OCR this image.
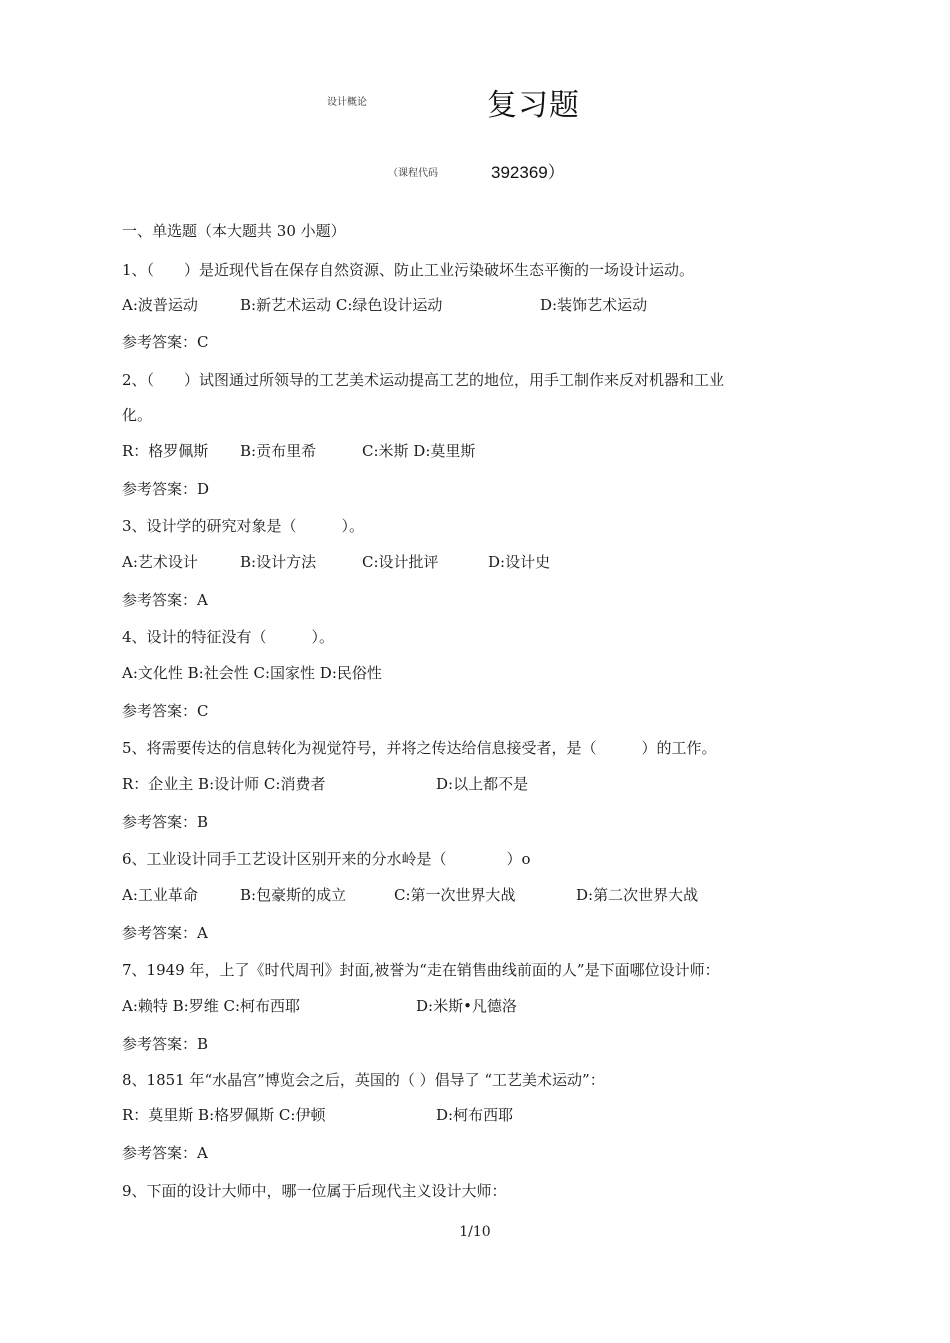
设计概论	复习题
（课程代码	392369）
一、单选题（本大题共 30 小题）
1、（　　）是近现代旨在保存自然资源、防止工业污染破坏生态平衡的一场设计运动。
A:波普运动	B:新艺术运动 C:绿色设计运动	D:装饰艺术运动
参考答案：C
2、（　　）试图通过所领导的工艺美术运动提高工艺的地位，用手工制作来反对机器和工业
化。
R：格罗佩斯 B:贡布里希	C:米斯 D:莫里斯
参考答案：D
3、设计学的研究对象是（　　　）。
A:艺术设计	B:设计方法	C:设计批评	D:设计史
参考答案：A
4、设计的特征没有（　　　）。
A:文化性 B:社会性 C:国家性 D:民俗性
参考答案：C
5、将需要传达的信息转化为视觉符号，并将之传达给信息接受者，是（　　　）的工作。
R：企业主 B:设计师 C:消费者	D:以上都不是
参考答案：B
6、工业设计同手工艺设计区别开来的分水岭是（　　　　）o
A:工业革命	B:包豪斯的成立	C:第一次世界大战	D:第二次世界大战
参考答案：A
7、1949 年，上了《时代周刊》封面,被誉为“走在销售曲线前面的人”是下面哪位设计师：
A:赖特 B:罗维 C:柯布西耶	D:米斯•凡德洛
参考答案：B
8、1851 年“水晶宫”博览会之后，英国的（ ）倡导了 “工艺美术运动”：
R：莫里斯 B:格罗佩斯 C:伊顿	D:柯布西耶
参考答案：A
9、下面的设计大师中，哪一位属于后现代主义设计大师：
1/10
